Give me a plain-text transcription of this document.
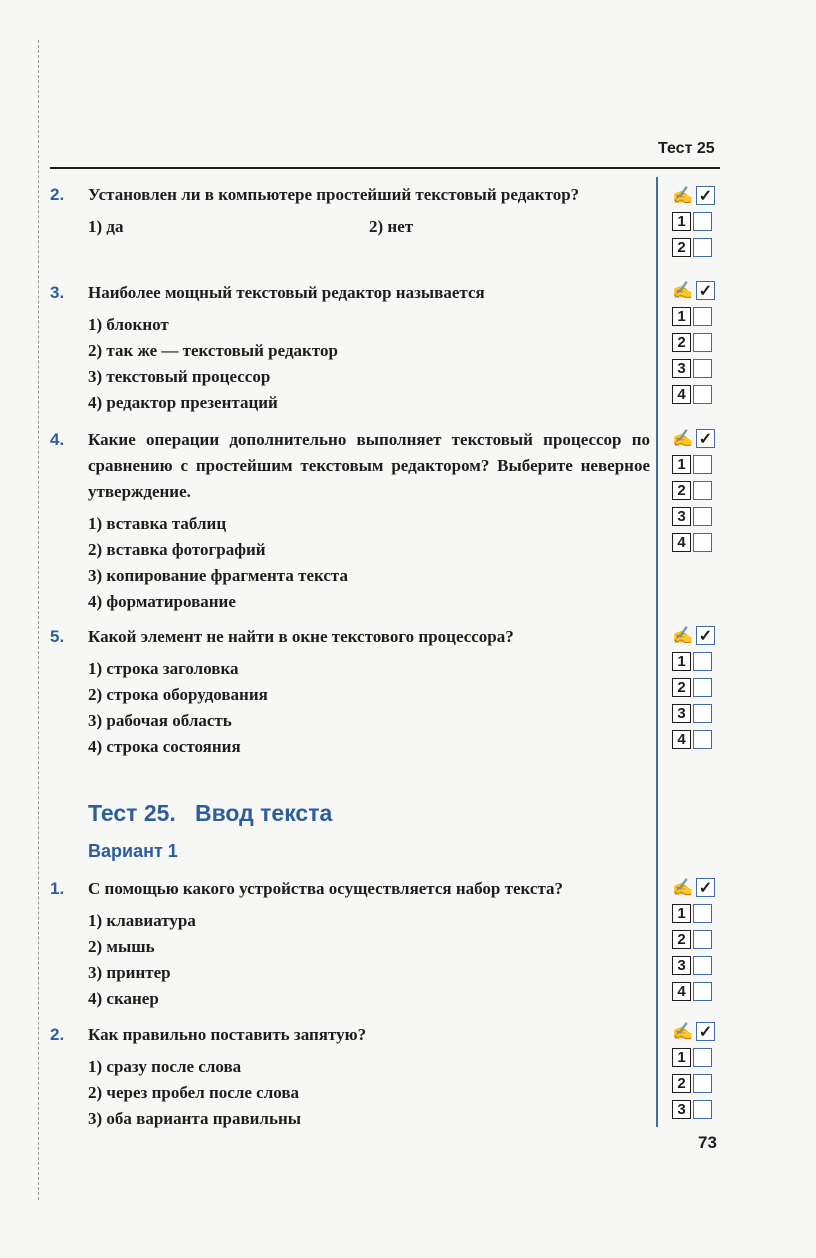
Тест 25
2.	Установлен ли в компьютере простейший текстовый редактор?
1) да	2) нет
✍ ✓
1
2
3.	Наиболее мощный текстовый редактор называется
1) блокнот
2) так же — текстовый редактор
3) текстовый процессор
4) редактор презентаций
✍ ✓
1
2
3
4
4.	Какие операции дополнительно выполняет текстовый процессор по сравнению с простейшим текстовым редактором? Выберите неверное утверждение.
1) вставка таблиц
2) вставка фотографий
3) копирование фрагмента текста
4) форматирование
✍ ✓
1
2
3
4
5.	Какой элемент не найти в окне текстового процессора?
1) строка заголовка
2) строка оборудования
3) рабочая область
4) строка состояния
✍ ✓
1
2
3
4
Тест 25.   Ввод текста
Вариант 1
1.	С помощью какого устройства осуществляется набор текста?
1) клавиатура
2) мышь
3) принтер
4) сканер
✍ ✓
1
2
3
4
2.	Как правильно поставить запятую?
1) сразу после слова
2) через пробел после слова
3) оба варианта правильны
✍ ✓
1
2
3
73
